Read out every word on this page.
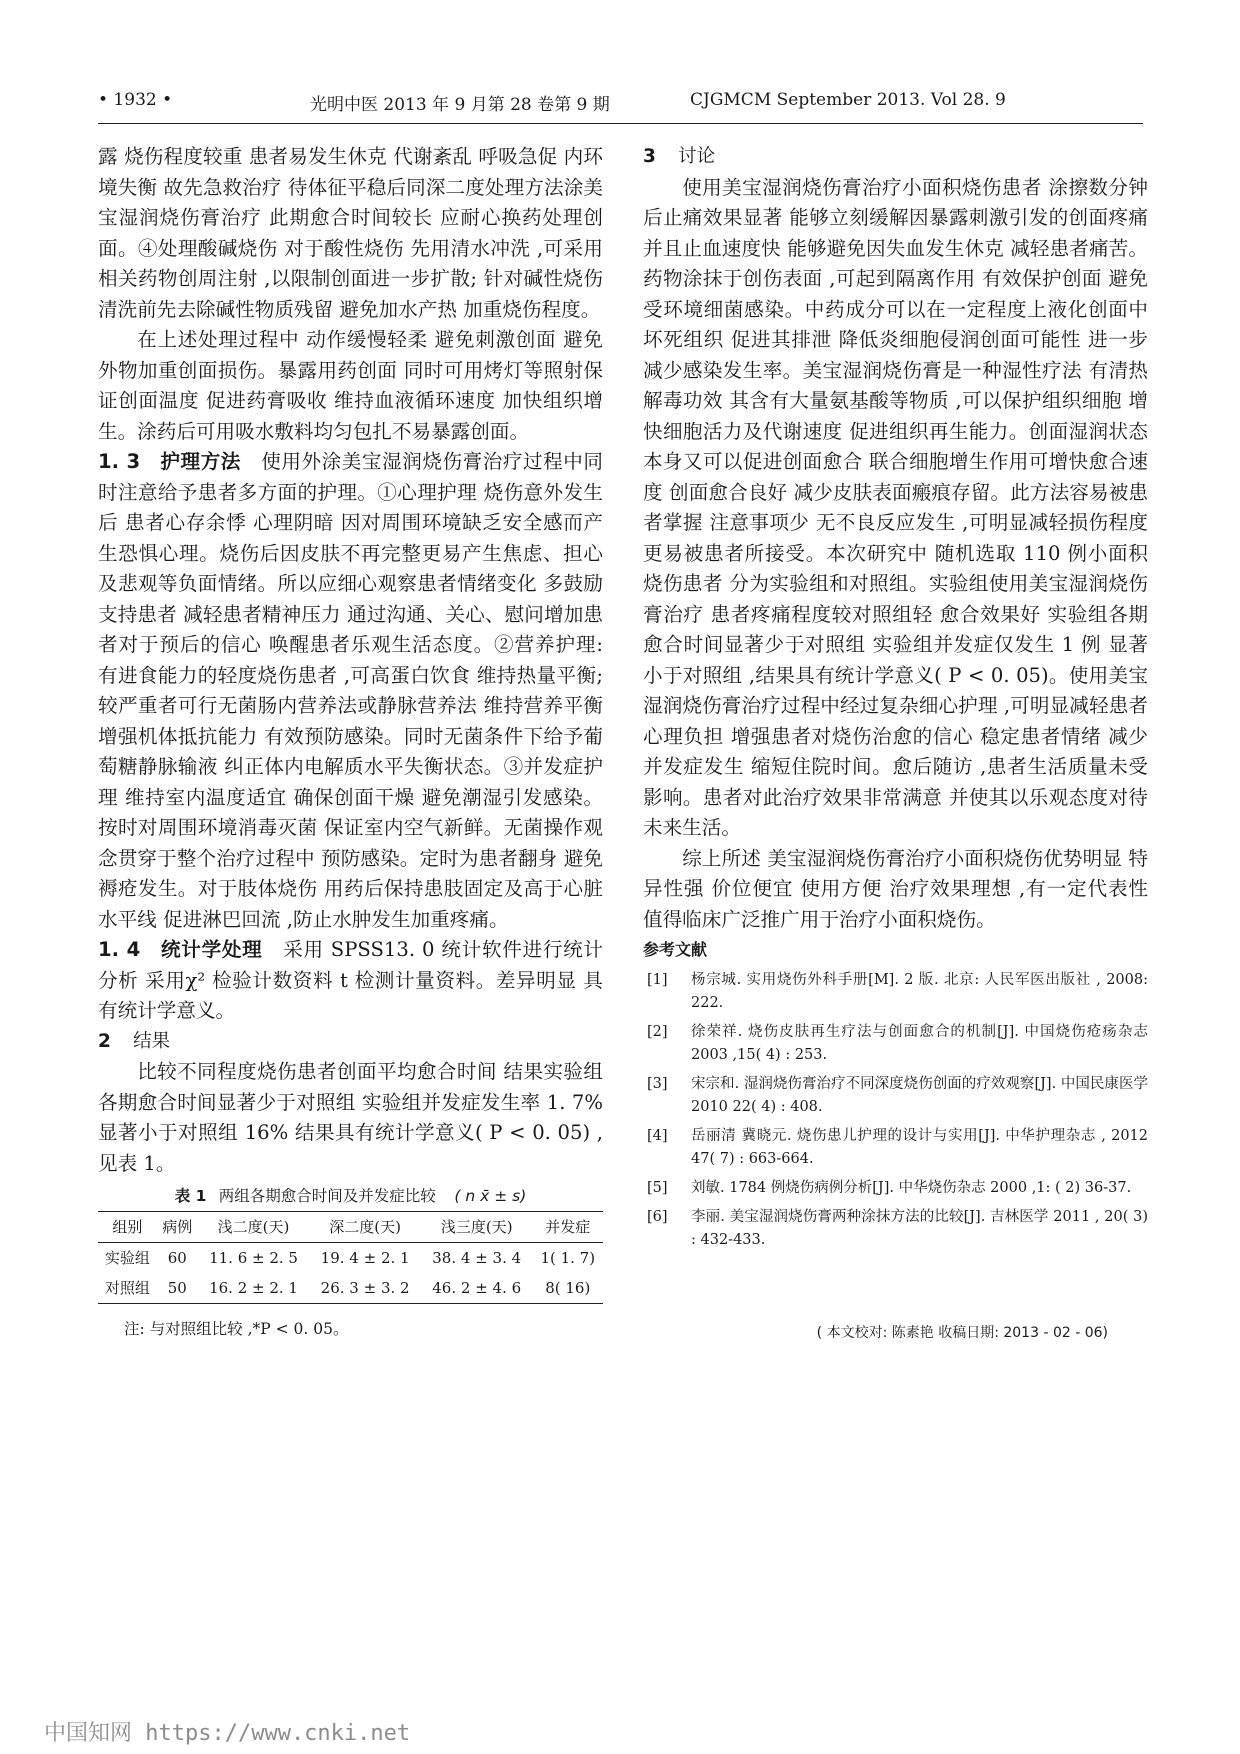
• 1932 •	光明中医 2013 年 9 月第 28 卷第 9 期	CJGMCM September 2013. Vol 28. 9

露 烧伤程度较重 患者易发生休克 代谢紊乱 呼吸急促 内环境失衡 故先急救治疗 待体征平稳后同深二度处理方法涂美宝湿润烧伤膏治疗 此期愈合时间较长 应耐心换药处理创面。④处理酸碱烧伤 对于酸性烧伤 先用清水冲洗 ,可采用相关药物创周注射 ,以限制创面进一步扩散; 针对碱性烧伤 清洗前先去除碱性物质残留 避免加水产热 加重烧伤程度。

在上述处理过程中 动作缓慢轻柔 避免刺激创面 避免外物加重创面损伤。暴露用药创面 同时可用烤灯等照射保证创面温度 促进药膏吸收 维持血液循环速度 加快组织增生。涂药后可用吸水敷料均匀包扎不易暴露创面。

1. 3 护理方法 使用外涂美宝湿润烧伤膏治疗过程中同时注意给予患者多方面的护理。①心理护理 烧伤意外发生后 患者心存余悸 心理阴暗 因对周围环境缺乏安全感而产生恐惧心理。烧伤后因皮肤不再完整更易产生焦虑、担心及悲观等负面情绪。所以应细心观察患者情绪变化 多鼓励支持患者 减轻患者精神压力 通过沟通、关心、慰问增加患者对于预后的信心 唤醒患者乐观生活态度。②营养护理: 有进食能力的轻度烧伤患者 ,可高蛋白饮食 维持热量平衡; 较严重者可行无菌肠内营养法或静脉营养法 维持营养平衡 增强机体抵抗能力 有效预防感染。同时无菌条件下给予葡萄糖静脉输液 纠正体内电解质水平失衡状态。③并发症护理 维持室内温度适宜 确保创面干燥 避免潮湿引发感染。按时对周围环境消毒灭菌 保证室内空气新鲜。无菌操作观念贯穿于整个治疗过程中 预防感染。定时为患者翻身 避免褥疮发生。对于肢体烧伤 用药后保持患肢固定及高于心脏水平线 促进淋巴回流 ,防止水肿发生加重疼痛。

1. 4 统计学处理 采用 SPSS13. 0 统计软件进行统计分析 采用χ² 检验计数资料 t 检测计量资料。差异明显 具有统计学意义。

2 结果

比较不同程度烧伤患者创面平均愈合时间 结果实验组各期愈合时间显著少于对照组 实验组并发症发生率 1. 7% 显著小于对照组 16% 结果具有统计学意义( P < 0. 05) ,见表 1。

表 1 两组各期愈合时间及并发症比较 ( n x̄ ± s)
组别	病例	浅二度(天)	深二度(天)	浅三度(天)	并发症
实验组	60	11. 6 ± 2. 5	19. 4 ± 2. 1	38. 4 ± 3. 4	1( 1. 7)
对照组	50	16. 2 ± 2. 1	26. 3 ± 3. 2	46. 2 ± 4. 6	8( 16)
注: 与对照组比较 ,*P < 0. 05。

3 讨论

使用美宝湿润烧伤膏治疗小面积烧伤患者 涂擦数分钟后止痛效果显著 能够立刻缓解因暴露刺激引发的创面疼痛 并且止血速度快 能够避免因失血发生休克 减轻患者痛苦。药物涂抹于创伤表面 ,可起到隔离作用 有效保护创面 避免受环境细菌感染。中药成分可以在一定程度上液化创面中坏死组织 促进其排泄 降低炎细胞侵润创面可能性 进一步减少感染发生率。美宝湿润烧伤膏是一种湿性疗法 有清热解毒功效 其含有大量氨基酸等物质 ,可以保护组织细胞 增快细胞活力及代谢速度 促进组织再生能力。创面湿润状态本身又可以促进创面愈合 联合细胞增生作用可增快愈合速度 创面愈合良好 减少皮肤表面瘢痕存留。此方法容易被患者掌握 注意事项少 无不良反应发生 ,可明显减轻损伤程度 更易被患者所接受。本次研究中 随机选取 110 例小面积烧伤患者 分为实验组和对照组。实验组使用美宝湿润烧伤膏治疗 患者疼痛程度较对照组轻 愈合效果好 实验组各期愈合时间显著少于对照组 实验组并发症仅发生 1 例 显著小于对照组 ,结果具有统计学意义( P < 0. 05)。使用美宝湿润烧伤膏治疗过程中经过复杂细心护理 ,可明显减轻患者心理负担 增强患者对烧伤治愈的信心 稳定患者情绪 减少并发症发生 缩短住院时间。愈后随访 ,患者生活质量未受影响。患者对此治疗效果非常满意 并使其以乐观态度对待未来生活。

综上所述 美宝湿润烧伤膏治疗小面积烧伤优势明显 特异性强 价位便宜 使用方便 治疗效果理想 ,有一定代表性 值得临床广泛推广用于治疗小面积烧伤。

参考文献
[1] 杨宗城. 实用烧伤外科手册[M]. 2 版. 北京: 人民军医出版社 , 2008: 222.
[2] 徐荣祥. 烧伤皮肤再生疗法与创面愈合的机制[J]. 中国烧伤疮疡杂志 2003 ,15( 4) : 253.
[3] 宋宗和. 湿润烧伤膏治疗不同深度烧伤创面的疗效观察[J]. 中国民康医学 2010 22( 4) : 408.
[4] 岳丽清 冀晓元. 烧伤患儿护理的设计与实用[J]. 中华护理杂志 , 2012 47( 7) : 663-664.
[5] 刘敏. 1784 例烧伤病例分析[J]. 中华烧伤杂志 2000 ,1: ( 2) 36-37.
[6] 李丽. 美宝湿润烧伤膏两种涂抹方法的比较[J]. 吉林医学 2011 , 20( 3) : 432-433.
( 本文校对: 陈素艳 收稿日期: 2013 - 02 - 06)
中国知网 https://www.cnki.net
